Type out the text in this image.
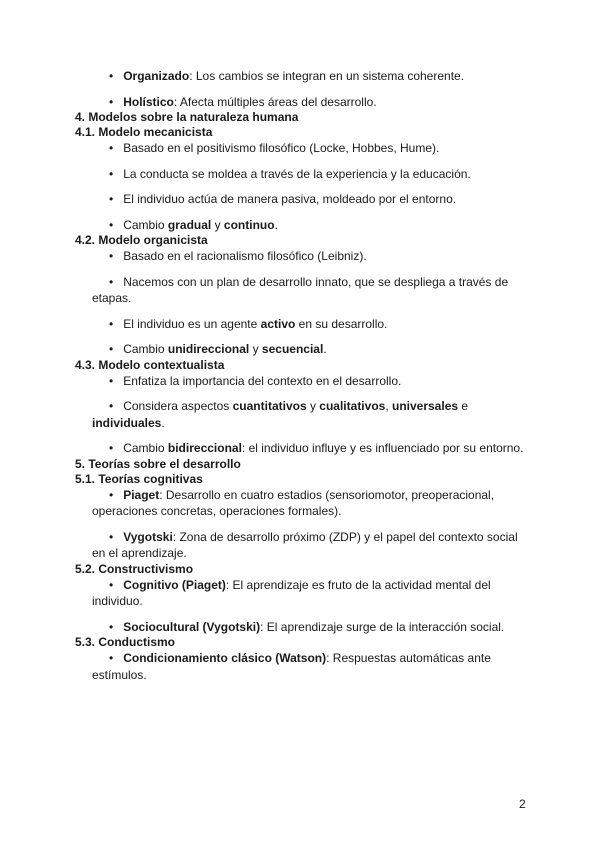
•   Organizado: Los cambios se integran en un sistema coherente.
•   Holístico: Afecta múltiples áreas del desarrollo.
4. Modelos sobre la naturaleza humana
4.1. Modelo mecanicista
•   Basado en el positivismo filosófico (Locke, Hobbes, Hume).
•   La conducta se moldea a través de la experiencia y la educación.
•   El individuo actúa de manera pasiva, moldeado por el entorno.
•   Cambio gradual y continuo.
4.2. Modelo organicista
•   Basado en el racionalismo filosófico (Leibniz).
•   Nacemos con un plan de desarrollo innato, que se despliega a través de etapas.
•   El individuo es un agente activo en su desarrollo.
•   Cambio unidireccional y secuencial.
4.3. Modelo contextualista
•   Enfatiza la importancia del contexto en el desarrollo.
•   Considera aspectos cuantitativos y cualitativos, universales e individuales.
•   Cambio bidireccional: el individuo influye y es influenciado por su entorno.
5. Teorías sobre el desarrollo
5.1. Teorías cognitivas
•   Piaget: Desarrollo en cuatro estadios (sensoriomotor, preoperacional, operaciones concretas, operaciones formales).
•   Vygotski: Zona de desarrollo próximo (ZDP) y el papel del contexto social en el aprendizaje.
5.2. Constructivismo
•   Cognitivo (Piaget): El aprendizaje es fruto de la actividad mental del individuo.
•   Sociocultural (Vygotski): El aprendizaje surge de la interacción social.
5.3. Conductismo
•   Condicionamiento clásico (Watson): Respuestas automáticas ante estímulos.
2
